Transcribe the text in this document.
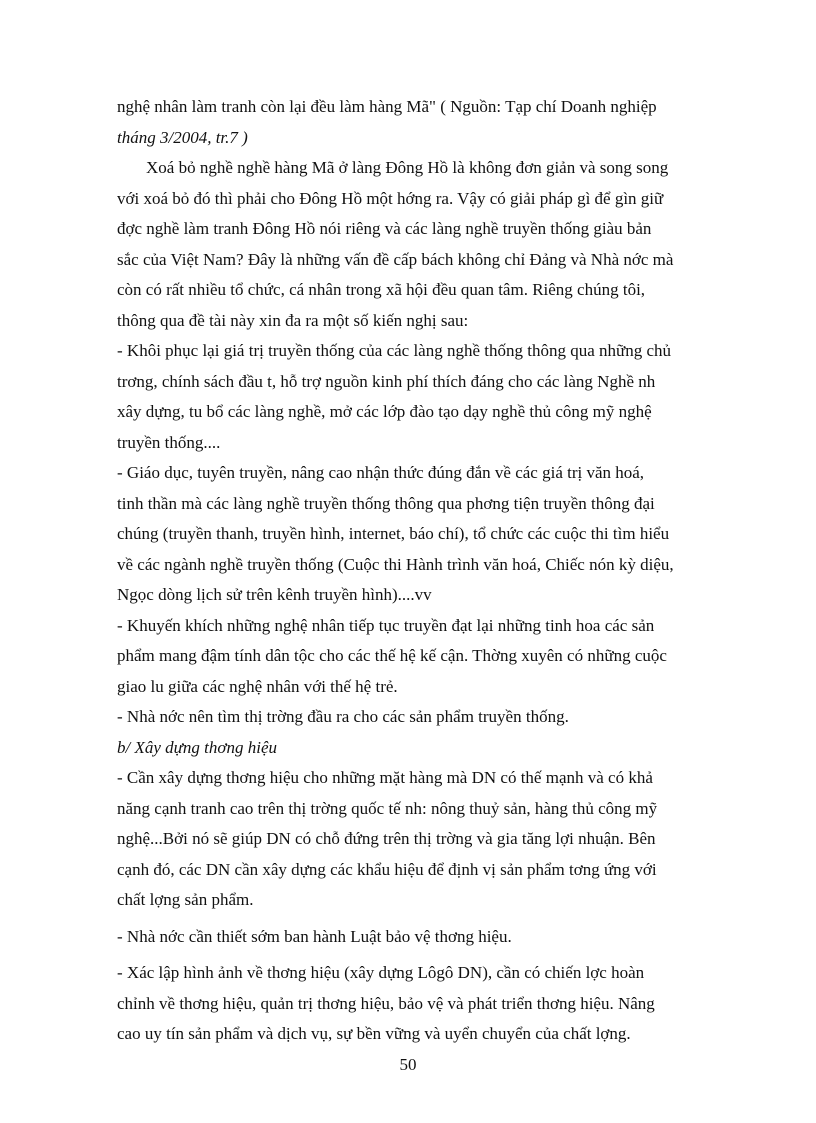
nghệ nhân làm tranh còn lại đều làm hàng Mã" ( Nguồn: Tạp chí Doanh nghiệp
tháng 3/2004, tr.7 )
Xoá bỏ nghề nghề hàng Mã ở làng Đông Hồ là không đơn giản và song song
với xoá bỏ đó thì phải cho Đông Hồ một hớng ra. Vậy có giải pháp gì để gìn giữ
đợc nghề làm tranh Đông Hồ nói riêng và các làng nghề truyền thống giàu bản
sắc của Việt Nam? Đây là những vấn đề cấp bách không chỉ Đảng và Nhà nớc mà
còn có rất nhiều tổ chức, cá nhân trong xã hội đều quan tâm. Riêng chúng tôi,
thông qua đề tài này xin đa ra một số kiến nghị sau:
- Khôi phục lại giá trị truyền thống của các làng nghề thống thông qua những chủ
trơng, chính sách đầu t, hỗ trợ nguồn kinh phí thích đáng cho các làng Nghề nh
xây dựng, tu bổ các làng nghề, mở các lớp đào tạo dạy nghề thủ công mỹ nghệ
truyền thống....
- Giáo dục, tuyên truyền, nâng cao nhận thức đúng đắn về các giá trị văn hoá,
tinh thần mà các làng nghề truyền thống thông qua phơng tiện truyền thông đại
chúng (truyền thanh, truyền hình, internet, báo chí), tổ chức các cuộc thi tìm hiểu
về các ngành nghề truyền thống (Cuộc thi Hành trình văn hoá, Chiếc nón kỳ diệu,
Ngọc dòng lịch sử trên kênh truyền hình)....vv
- Khuyến khích những nghệ nhân tiếp tục truyền đạt lại những tinh hoa các sản
phẩm mang đậm tính dân tộc cho các thế hệ kế cận. Thờng xuyên có những cuộc
giao lu giữa các nghệ nhân với thế hệ trẻ.
- Nhà nớc nên tìm thị trờng đầu ra cho các sản phẩm truyền thống.
b/ Xây dựng thơng hiệu
- Cần xây dựng thơng hiệu cho những mặt hàng mà DN có thế mạnh và có khả
năng cạnh tranh cao trên thị trờng quốc tế nh: nông thuỷ sản, hàng thủ công mỹ
nghệ...Bởi nó sẽ giúp DN có chỗ đứng trên thị trờng và gia tăng lợi nhuận. Bên
cạnh đó, các DN cần xây dựng các khẩu hiệu để định vị sản phẩm tơng ứng với
chất lợng sản phẩm.
- Nhà nớc cần thiết sớm ban hành Luật bảo vệ thơng hiệu.
- Xác lập hình ảnh về thơng hiệu (xây dựng Lôgô DN), cần có chiến lợc hoàn
chỉnh về thơng hiệu, quản trị thơng hiệu, bảo vệ và phát triển thơng hiệu. Nâng
cao uy tín sản phẩm và dịch vụ, sự bền vững và uyển chuyển của chất lợng.
50
